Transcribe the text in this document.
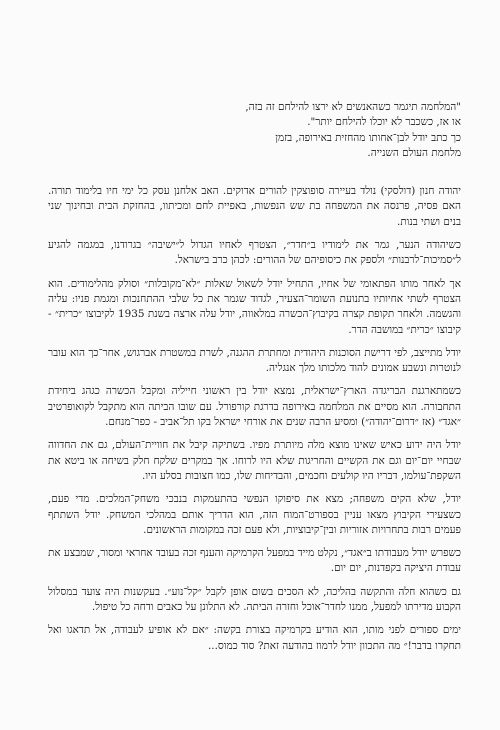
"המלחמה תיגמר כשהאנשים לא ירצו להילחם זה בזה,

או אז, כשכבר לא יוכלו להילחם יותר".

כך כתב יודל לבן־אחותו מהחזית באירופה, בזמן

מלחמת העולם השנייה.

יהודה חנון (דולסקי) נולד בעיירה סופוצקין להורים אדוקים. האב אלחנן עסק כל ימי חיו בלימוד תורה. האם פסיה, פרנסה את המשפחה בת שש הנפשות, באפיית לחם ומכיתוו, בהחזקת הבית ובחינוך שני בנים ושתי בנות.

כשיהודה הנער, גמר את לימודיו ב״חדר״, הצטרף לאחיו הגדול ל״ישיבה״ בגרודנו, במגמה להגיע ל״סמיכות־לרבנות״ ולספק את כיסופיהם של ההורים: לכהן כרב בישראל.

אך לאחר מותו הפתאומי של אחיו, התחיל יודל לשאול שאלות ״לא־מקובלות״ וסולק מהלימודים. הוא הצטרף לשתי אחיותיו בתנועת השומר־הצעיר, לגדוד שגמר את כל שלבי ההתחנכות ומגמת פניו: עליה והגשמה. ולאחר תקופת קצרה בקיבוץ־הכשרה במלאווה, יודל עלה ארצה בשנת 1935 לקיבוצו ״כרית״ - קיבוצו ״כרית״ במושבה הדר.

יודל מתייצב, לפי דרישת הסוכנות היהודית ומחתרת ההגנה, לשרת במשטרת אברגוש, אחר־כך הוא עובר לנוטרות ונשבע אמונים להוד מלכותו מלך אנגליה.

כשמתארגנת הבריגדה הארץ־ישראלית, נמצא יודל בין ראשוני חייליה ומקבל הכשרה כגהג ביחידת התחבורה. הוא מסיים את המלחמה באירופה בדרגת קורפורל. עם שובו הביתה הוא מתקבל לקואופרטיב ״אגד״ (אז ״דרום־יהודה״) ומסיע הרבה שנים את אורחי ישראל בקו תל־אביב - כפר־מנחם.

יודל היה ידוע כאיש שאינו מוצא מלה מיותרת מפיו. בשתיקה קיבל את חוויית־העולם, גם את החדווה שבחיי יום־יום וגם את הקשיים והחריגות שלא היו לרוחו. אך במקרים שלקח חלק בשיחה או ביטא את השקפת־עולמו, דבריו היו קולעים וחכמים, והבדיחות שלו, כמו חצובות בסלע היו.

יודל, שלא הקים משפחה; מצא את סיפוקו הנפשי בהתעמקות בנבכי משחק־המלכים. מדי פעם, כשצעירי הקיבוץ מצאו עניין בספורט־המוח הזה, הוא הדריך אותם במהלכי המשחק. יודל השתתף פעמים רבות בתחרויות אזוריות ובין־קיבוציות, ולא פעם זכה במקומות הראשונים.

כשפרש יודל מעבודתו ב״אגד״, נקלט מייד במפעל הקרמיקה והענף זכה בעובד אחראי ומסור, שמבצע את עבודת היציקה בקפדנות, יום יום.

גם כשהוא חלה והתקשה בהליכה, לא הסכים בשום אופן לקבל ״קל־נוע״. בעקשנות היה צועד במסלול הקבוע מדירתו למפעל, ממנו לחדר־אוכל וחזרה הביתה. לא התלונן על כאבים ודחה כל טיפול.

ימים ספורים לפני מותו, הוא הודיע בקרמיקה בצורת בקשה: ״אם לא אופיע לעבודה, אל תדאגו ואל תחקרו בדבר!״ מה התכוון יודל לרמוז בהודעה זאת? סוד כמוס...
